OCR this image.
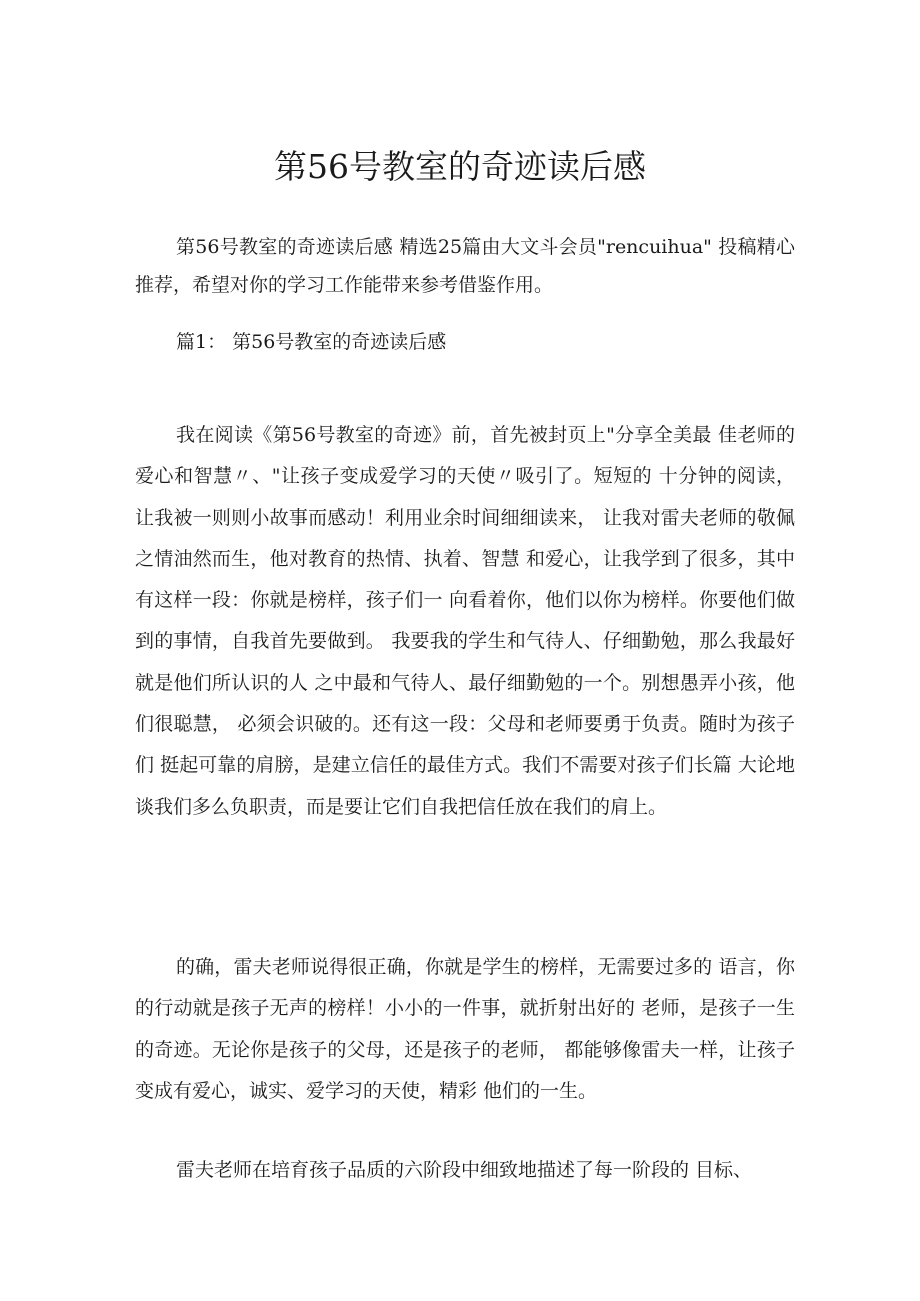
第56号教室的奇迹读后感

第56号教室的奇迹读后感 精选25篇由大文斗会员"rencuihua" 投稿精心推荐，希望对你的学习工作能带来参考借鉴作用。

篇1： 第56号教室的奇迹读后感

我在阅读《第56号教室的奇迹》前，首先被封页上"分享全美最 佳老师的爱心和智慧〃、"让孩子变成爱学习的天使〃吸引了。短短的 十分钟的阅读，让我被一则则小故事而感动！利用业余时间细细读来， 让我对雷夫老师的敬佩之情油然而生，他对教育的热情、执着、智慧 和爱心，让我学到了很多，其中有这样一段：你就是榜样，孩子们一 向看着你，他们以你为榜样。你要他们做到的事情，自我首先要做到。 我要我的学生和气待人、仔细勤勉，那么我最好就是他们所认识的人 之中最和气待人、最仔细勤勉的一个。别想愚弄小孩，他们很聪慧， 必须会识破的。还有这一段：父母和老师要勇于负责。随时为孩子们 挺起可靠的肩膀，是建立信任的最佳方式。我们不需要对孩子们长篇 大论地谈我们多么负职责，而是要让它们自我把信任放在我们的肩上。

的确，雷夫老师说得很正确，你就是学生的榜样，无需要过多的 语言，你的行动就是孩子无声的榜样！小小的一件事，就折射出好的 老师，是孩子一生的奇迹。无论你是孩子的父母，还是孩子的老师， 都能够像雷夫一样，让孩子变成有爱心，诚实、爱学习的天使，精彩 他们的一生。

雷夫老师在培育孩子品质的六阶段中细致地描述了每一阶段的 目标、
